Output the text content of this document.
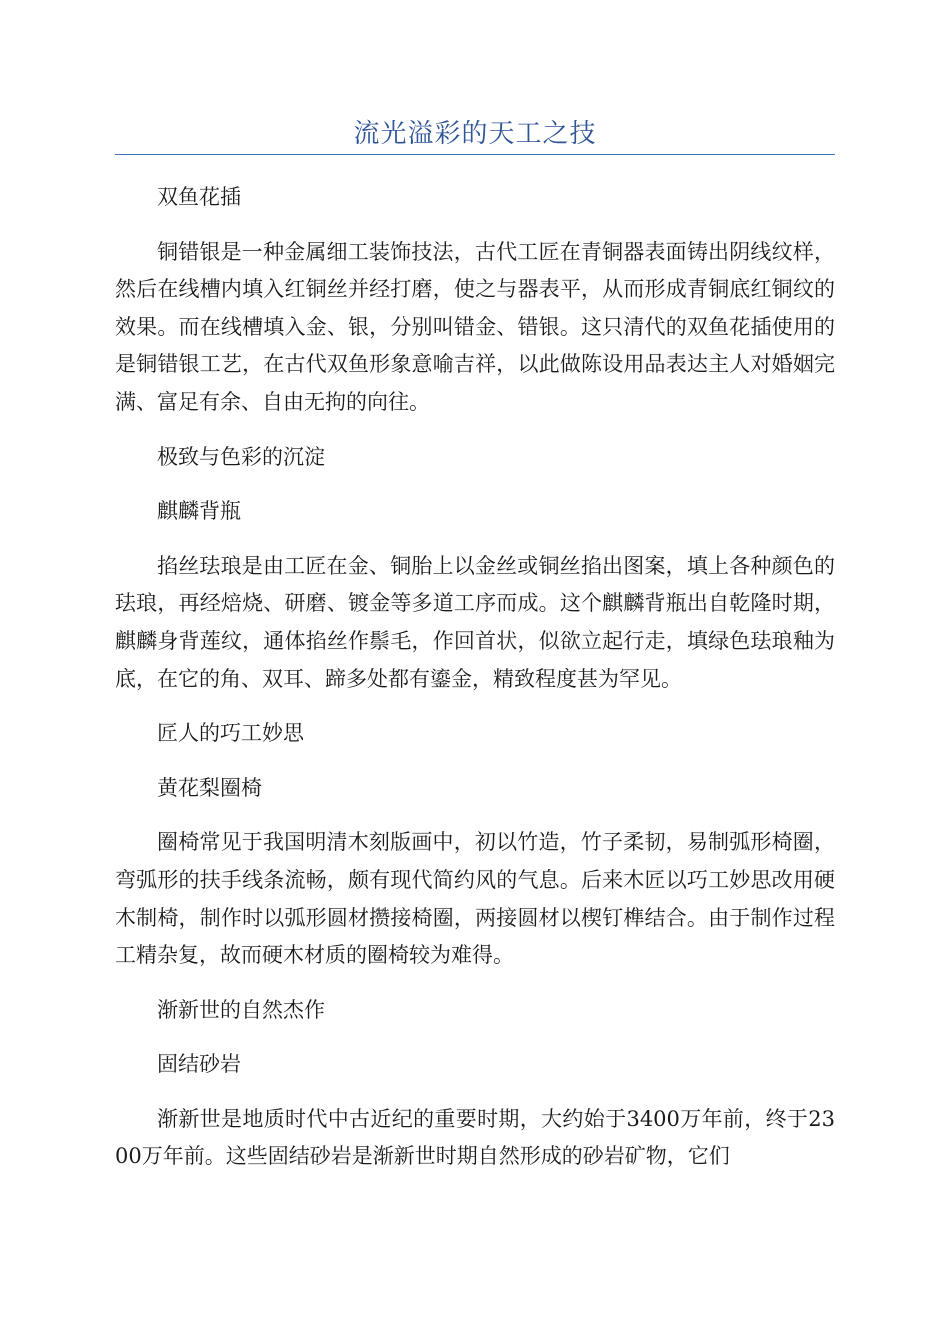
流光溢彩的天工之技

双鱼花插

铜错银是一种金属细工装饰技法，古代工匠在青铜器表面铸出阴线纹样，然后在线槽内填入红铜丝并经打磨，使之与器表平，从而形成青铜底红铜纹的效果。而在线槽填入金、银，分别叫错金、错银。这只清代的双鱼花插使用的是铜错银工艺，在古代双鱼形象意喻吉祥，以此做陈设用品表达主人对婚姻完满、富足有余、自由无拘的向往。

极致与色彩的沉淀

麒麟背瓶

掐丝珐琅是由工匠在金、铜胎上以金丝或铜丝掐出图案，填上各种颜色的珐琅，再经焙烧、研磨、镀金等多道工序而成。这个麒麟背瓶出自乾隆时期，麒麟身背莲纹，通体掐丝作鬃毛，作回首状，似欲立起行走，填绿色珐琅釉为底，在它的角、双耳、蹄多处都有鎏金，精致程度甚为罕见。

匠人的巧工妙思

黄花梨圈椅

圈椅常见于我国明清木刻版画中，初以竹造，竹子柔韧，易制弧形椅圈，弯弧形的扶手线条流畅，颇有现代简约风的气息。后来木匠以巧工妙思改用硬木制椅，制作时以弧形圆材攒接椅圈，两接圆材以楔钉榫结合。由于制作过程工精杂复，故而硬木材质的圈椅较为难得。

渐新世的自然杰作

固结砂岩

渐新世是地质时代中古近纪的重要时期，大约始于3400万年前，终于2300万年前。这些固结砂岩是渐新世时期自然形成的砂岩矿物，它们
